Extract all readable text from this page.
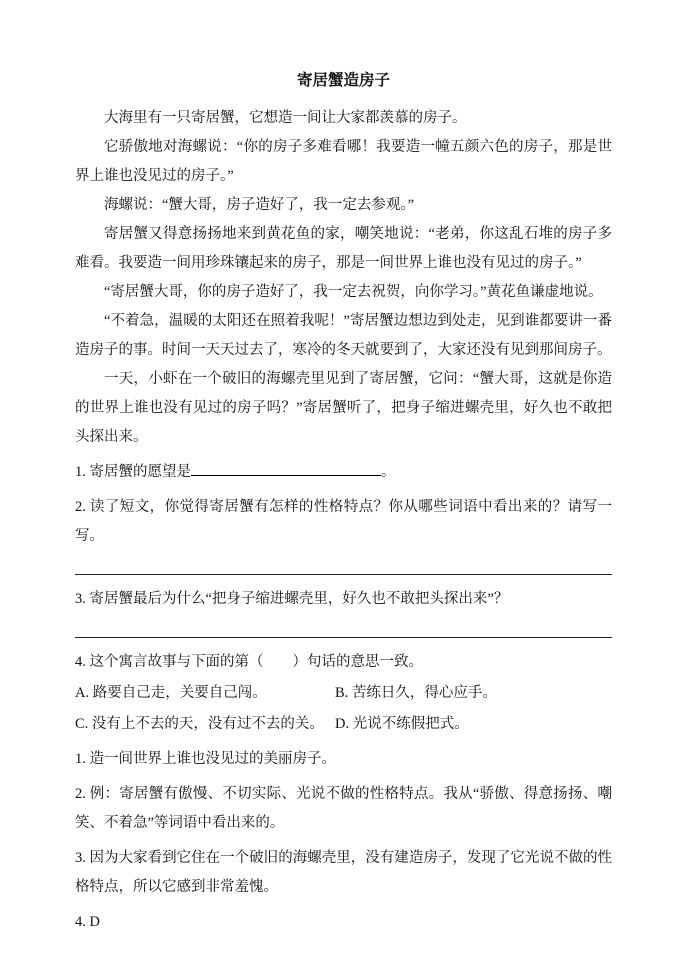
寄居蟹造房子

大海里有一只寄居蟹，它想造一间让大家都羡慕的房子。

它骄傲地对海螺说：“你的房子多难看哪！我要造一幢五颜六色的房子，那是世界上谁也没见过的房子。”

海螺说：“蟹大哥，房子造好了，我一定去参观。”

寄居蟹又得意扬扬地来到黄花鱼的家，嘲笑地说：“老弟，你这乱石堆的房子多难看。我要造一间用珍珠镶起来的房子，那是一间世界上谁也没有见过的房子。”

“寄居蟹大哥，你的房子造好了，我一定去祝贺，向你学习。”黄花鱼谦虚地说。

“不着急，温暖的太阳还在照着我呢！”寄居蟹边想边到处走，见到谁都要讲一番造房子的事。时间一天天过去了，寒冷的冬天就要到了，大家还没有见到那间房子。

一天，小虾在一个破旧的海螺壳里见到了寄居蟹，它问：“蟹大哥，这就是你造的世界上谁也没有见过的房子吗？”寄居蟹听了，把身子缩进螺壳里，好久也不敢把头探出来。

1. 寄居蟹的愿望是	。

2. 读了短文，你觉得寄居蟹有怎样的性格特点？你从哪些词语中看出来的？请写一写。

3. 寄居蟹最后为什么“把身子缩进螺壳里，好久也不敢把头探出来”？

4. 这个寓言故事与下面的第（　　）句话的意思一致。

A. 路要自己走，关要自己闯。	B. 苦练日久，得心应手。
C. 没有上不去的天，没有过不去的关。 D. 光说不练假把式。

1. 造一间世界上谁也没见过的美丽房子。

2. 例：寄居蟹有傲慢、不切实际、光说不做的性格特点。我从“骄傲、得意扬扬、嘲笑、不着急”等词语中看出来的。

3. 因为大家看到它住在一个破旧的海螺壳里，没有建造房子，发现了它光说不做的性格特点，所以它感到非常羞愧。

4. D
